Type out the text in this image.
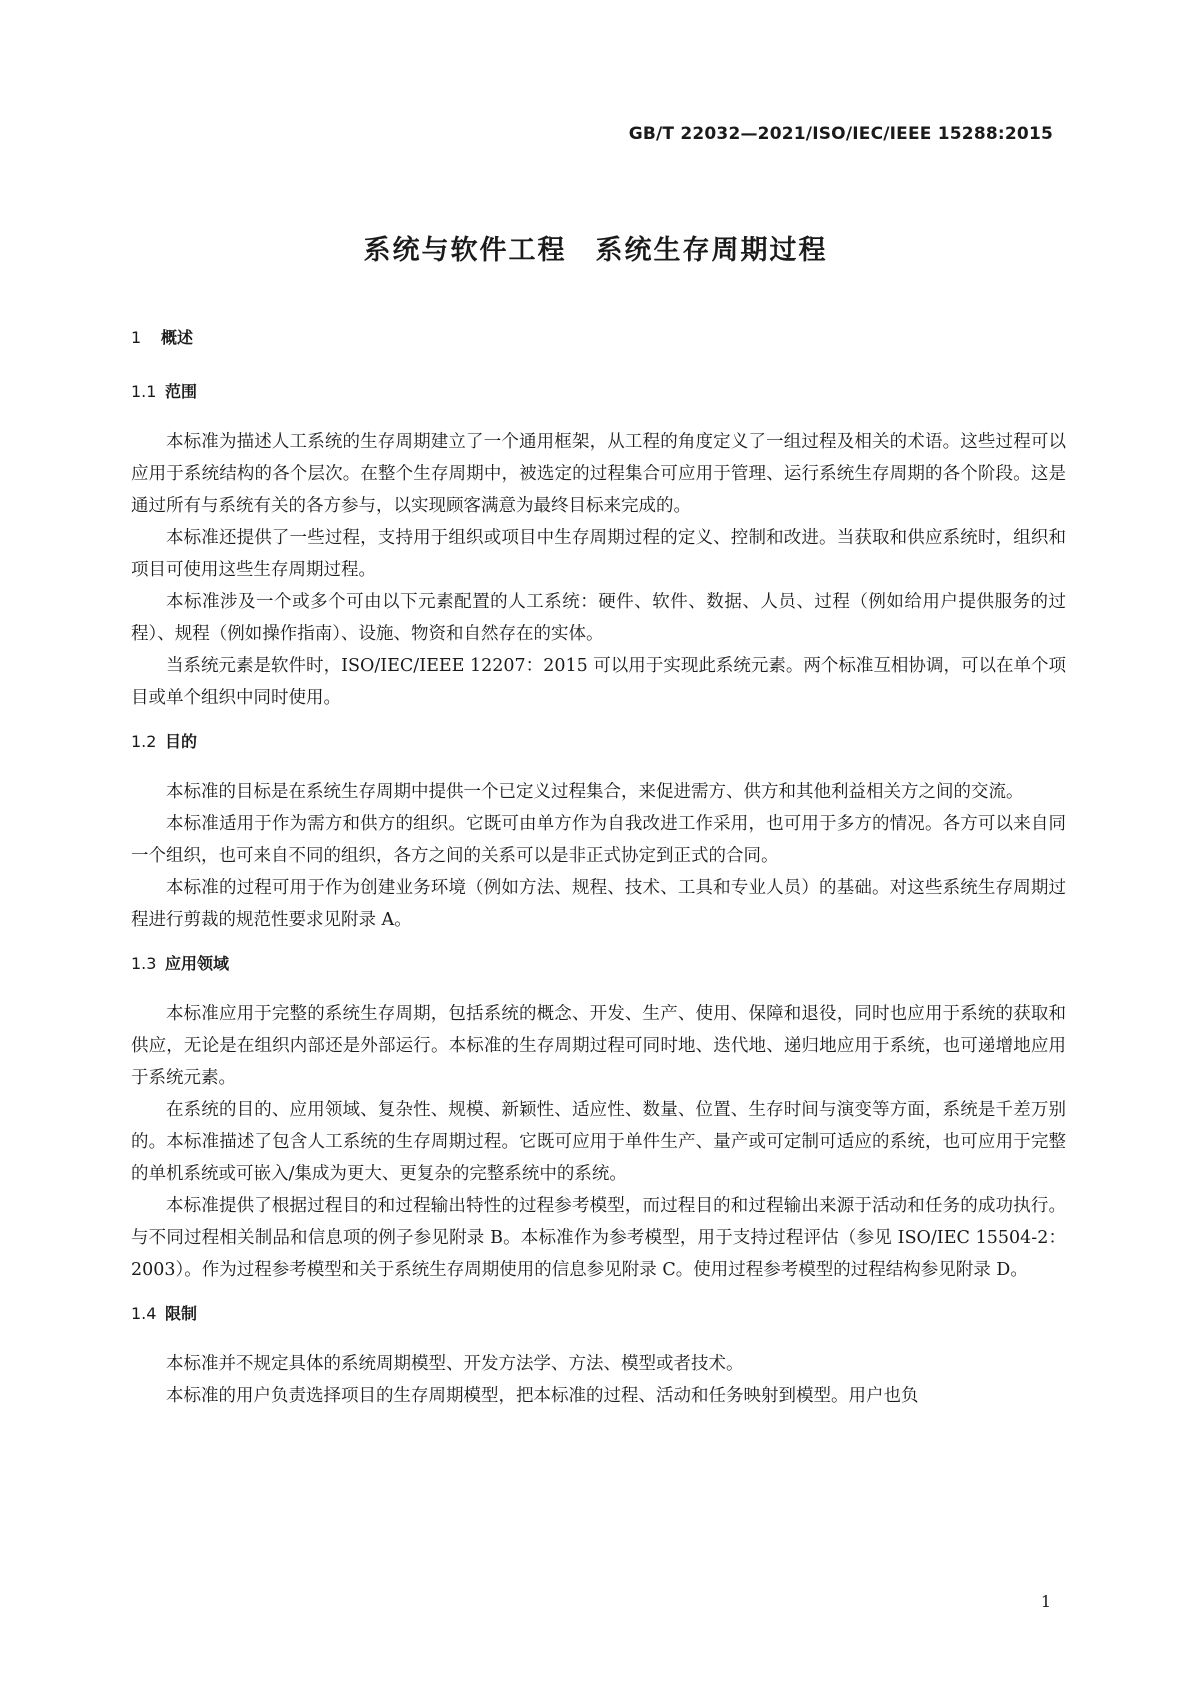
GB/T 22032—2021/ISO/IEC/IEEE 15288:2015
系统与软件工程　系统生存周期过程
1 概述
1.1 范围

本标准为描述人工系统的生存周期建立了一个通用框架，从工程的角度定义了一组过程及相关的术语。这些过程可以应用于系统结构的各个层次。在整个生存周期中，被选定的过程集合可应用于管理、运行系统生存周期的各个阶段。这是通过所有与系统有关的各方参与，以实现顾客满意为最终目标来完成的。

本标准还提供了一些过程，支持用于组织或项目中生存周期过程的定义、控制和改进。当获取和供应系统时，组织和项目可使用这些生存周期过程。

本标准涉及一个或多个可由以下元素配置的人工系统：硬件、软件、数据、人员、过程（例如给用户提供服务的过程）、规程（例如操作指南）、设施、物资和自然存在的实体。

当系统元素是软件时，ISO/IEC/IEEE 12207：2015 可以用于实现此系统元素。两个标准互相协调，可以在单个项目或单个组织中同时使用。

1.2 目的

本标准的目标是在系统生存周期中提供一个已定义过程集合，来促进需方、供方和其他利益相关方之间的交流。

本标准适用于作为需方和供方的组织。它既可由单方作为自我改进工作采用，也可用于多方的情况。各方可以来自同一个组织，也可来自不同的组织，各方之间的关系可以是非正式协定到正式的合同。

本标准的过程可用于作为创建业务环境（例如方法、规程、技术、工具和专业人员）的基础。对这些系统生存周期过程进行剪裁的规范性要求见附录 A。

1.3 应用领域

本标准应用于完整的系统生存周期，包括系统的概念、开发、生产、使用、保障和退役，同时也应用于系统的获取和供应，无论是在组织内部还是外部运行。本标准的生存周期过程可同时地、迭代地、递归地应用于系统，也可递增地应用于系统元素。

在系统的目的、应用领域、复杂性、规模、新颖性、适应性、数量、位置、生存时间与演变等方面，系统是千差万别的。本标准描述了包含人工系统的生存周期过程。它既可应用于单件生产、量产或可定制可适应的系统，也可应用于完整的单机系统或可嵌入/集成为更大、更复杂的完整系统中的系统。

本标准提供了根据过程目的和过程输出特性的过程参考模型，而过程目的和过程输出来源于活动和任务的成功执行。与不同过程相关制品和信息项的例子参见附录 B。本标准作为参考模型，用于支持过程评估（参见 ISO/IEC 15504-2：2003）。作为过程参考模型和关于系统生存周期使用的信息参见附录 C。使用过程参考模型的过程结构参见附录 D。

1.4 限制

本标准并不规定具体的系统周期模型、开发方法学、方法、模型或者技术。

本标准的用户负责选择项目的生存周期模型，把本标准的过程、活动和任务映射到模型。用户也负

1
